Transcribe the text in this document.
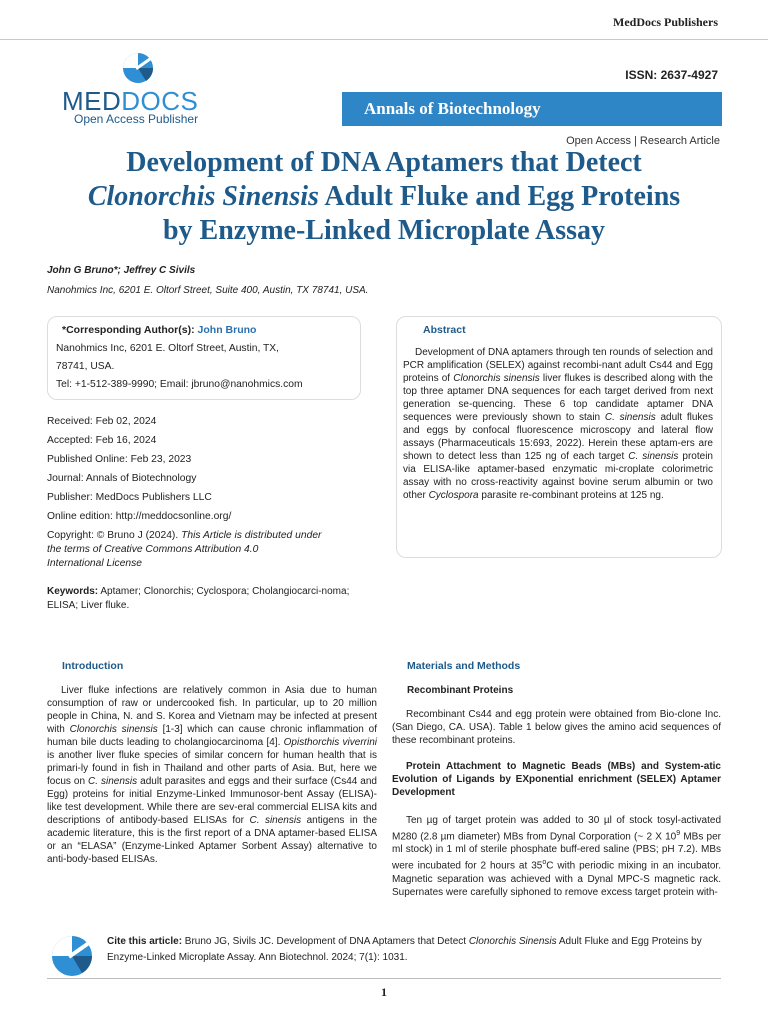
MedDocs Publishers
MEDDOCS
Open Access Publisher
ISSN: 2637-4927
Annals of Biotechnology
Open Access | Research Article
Development of DNA Aptamers that Detect
Clonorchis Sinensis Adult Fluke and Egg Proteins
by Enzyme-Linked Microplate Assay
John G Bruno*; Jeffrey C Sivils
Nanohmics Inc, 6201 E. Oltorf Street, Suite 400, Austin, TX 78741, USA.
*Corresponding Author(s): John Bruno
Nanohmics Inc, 6201 E. Oltorf Street, Austin, TX,
78741, USA.
Tel: +1-512-389-9990; Email: jbruno@nanohmics.com
Received: Feb 02, 2024
Accepted: Feb 16, 2024
Published Online: Feb 23, 2023
Journal: Annals of Biotechnology
Publisher: MedDocs Publishers LLC
Online edition: http://meddocsonline.org/
Copyright: © Bruno J (2024). This Article is distributed under
the terms of Creative Commons Attribution 4.0
International License
Keywords: Aptamer; Clonorchis; Cyclospora; Cholangiocarci-noma; ELISA; Liver fluke.
Abstract

Development of DNA aptamers through ten rounds of selection and PCR amplification (SELEX) against recombi-nant adult Cs44 and Egg proteins of Clonorchis sinensis liver flukes is described along with the top three aptamer DNA sequences for each target derived from next generation se-quencing. These 6 top candidate aptamer DNA sequences were previously shown to stain C. sinensis adult flukes and eggs by confocal fluorescence microscopy and lateral flow assays (Pharmaceuticals 15:693, 2022). Herein these aptam-ers are shown to detect less than 125 ng of each target C. sinensis protein via ELISA-like aptamer-based enzymatic mi-croplate colorimetric assay with no cross-reactivity against bovine serum albumin or two other Cyclospora parasite re-combinant proteins at 125 ng.

Introduction

Liver fluke infections are relatively common in Asia due to human consumption of raw or undercooked fish. In particular, up to 20 million people in China, N. and S. Korea and Vietnam may be infected at present with Clonorchis sinensis [1-3] which can cause chronic inflammation of human bile ducts leading to cholangiocarcinoma [4]. Opisthorchis viverrini is another liver fluke species of similar concern for human health that is primari-ly found in fish in Thailand and other parts of Asia. But, here we focus on C. sinensis adult parasites and eggs and their surface (Cs44 and Egg) proteins for initial Enzyme-Linked Immunosor-bent Assay (ELISA)-like test development. While there are sev-eral commercial ELISA kits and descriptions of antibody-based ELISAs for C. sinensis antigens in the academic literature, this is the first report of a DNA aptamer-based ELISA or an “ELASA” (Enzyme-Linked Aptamer Sorbent Assay) alternative to anti-body-based ELISAs.

Materials and Methods
Recombinant Proteins

Recombinant Cs44 and egg protein were obtained from Bio-clone Inc. (San Diego, CA. USA). Table 1 below gives the amino acid sequences of these recombinant proteins.

Protein Attachment to Magnetic Beads (MBs) and System-atic Evolution of Ligands by EXponential enrichment (SELEX) Aptamer Development

Ten µg of target protein was added to 30 µl of stock tosyl-activated M280 (2.8 µm diameter) MBs from Dynal Corporation (~ 2 X $10^9$ MBs per ml stock) in 1 ml of sterile phosphate buff-ered saline (PBS; pH 7.2). MBs were incubated for 2 hours at 35$^o$C with periodic mixing in an incubator. Magnetic separation was achieved with a Dynal MPC-S magnetic rack. Supernates were carefully siphoned to remove excess target protein with-

Cite this article: Bruno JG, Sivils JC. Development of DNA Aptamers that Detect Clonorchis Sinensis Adult Fluke and Egg Proteins by Enzyme-Linked Microplate Assay. Ann Biotechnol. 2024; 7(1): 1031.
1
